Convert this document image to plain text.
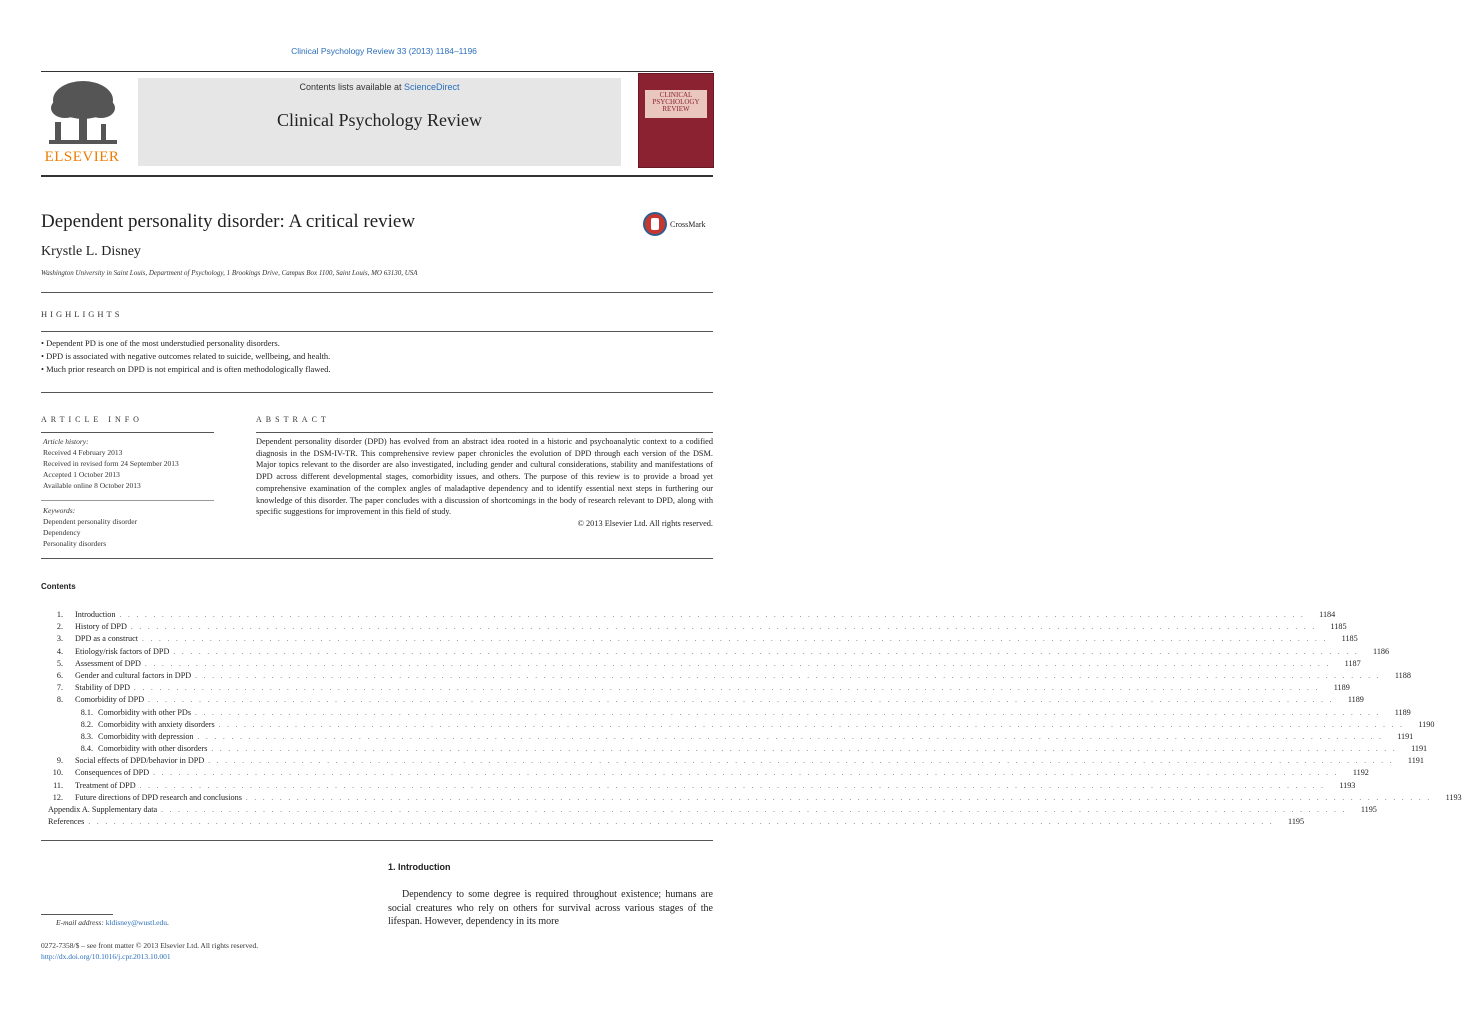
Clinical Psychology Review 33 (2013) 1184–1196
ELSEVIER
Contents lists available at ScienceDirect
Clinical Psychology Review
CLINICAL PSYCHOLOGY REVIEW
Dependent personality disorder: A critical review	CrossMark
Krystle L. Disney
Washington University in Saint Louis, Department of Psychology, 1 Brookings Drive, Campus Box 1100, Saint Louis, MO 63130, USA
HIGHLIGHTS
• Dependent PD is one of the most understudied personality disorders.
• DPD is associated with negative outcomes related to suicide, wellbeing, and health.
• Much prior research on DPD is not empirical and is often methodologically flawed.
ARTICLE INFO
Article history:
Received 4 February 2013
Received in revised form 24 September 2013
Accepted 1 October 2013
Available online 8 October 2013
Keywords:
Dependent personality disorder
Dependency
Personality disorders
ABSTRACT
Dependent personality disorder (DPD) has evolved from an abstract idea rooted in a historic and psychoanalytic context to a codified diagnosis in the DSM-IV-TR. This comprehensive review paper chronicles the evolution of DPD through each version of the DSM. Major topics relevant to the disorder are also investigated, including gender and cultural considerations, stability and manifestations of DPD across different developmental stages, comorbidity issues, and others. The purpose of this review is to provide a broad yet comprehensive examination of the complex angles of maladaptive dependency and to identify essential next steps in furthering our knowledge of this disorder. The paper concludes with a discussion of shortcomings in the body of research relevant to DPD, along with specific suggestions for improvement in this field of study.
© 2013 Elsevier Ltd. All rights reserved.
Contents
1.	Introduction . . . . . . . . . . . . . . . . . . . . . . . . . . . . . . . . . . . . . . . . . . . . . . . . . . . . . . . . . . . . . . . . . . . . . . . . . . . . . . . . . . . . . . . . . . . . . . . . . . . . . . . . . . . . . . . . . . . . . . . . . . . . . . . . . . . . . . . . . . . .	1184
2.	History of DPD . . . . . . . . . . . . . . . . . . . . . . . . . . . . . . . . . . . . . . . . . . . . . . . . . . . . . . . . . . . . . . . . . . . . . . . . . . . . . . . . . . . . . . . . . . . . . . . . . . . . . . . . . . . . . . . . . . . . . . . . . . . . . . . . . . . . . . . . . . . .	1185
3.	DPD as a construct . . . . . . . . . . . . . . . . . . . . . . . . . . . . . . . . . . . . . . . . . . . . . . . . . . . . . . . . . . . . . . . . . . . . . . . . . . . . . . . . . . . . . . . . . . . . . . . . . . . . . . . . . . . . . . . . . . . . . . . . . . . . . . . . . . . . . . . . . . . .	1185
4.	Etiology/risk factors of DPD . . . . . . . . . . . . . . . . . . . . . . . . . . . . . . . . . . . . . . . . . . . . . . . . . . . . . . . . . . . . . . . . . . . . . . . . . . . . . . . . . . . . . . . . . . . . . . . . . . . . . . . . . . . . . . . . . . . . . . . . . . . . . . . . . . . . . . . . . . . .	1186
5.	Assessment of DPD . . . . . . . . . . . . . . . . . . . . . . . . . . . . . . . . . . . . . . . . . . . . . . . . . . . . . . . . . . . . . . . . . . . . . . . . . . . . . . . . . . . . . . . . . . . . . . . . . . . . . . . . . . . . . . . . . . . . . . . . . . . . . . . . . . . . . . . . . . . .	1187
6.	Gender and cultural factors in DPD . . . . . . . . . . . . . . . . . . . . . . . . . . . . . . . . . . . . . . . . . . . . . . . . . . . . . . . . . . . . . . . . . . . . . . . . . . . . . . . . . . . . . . . . . . . . . . . . . . . . . . . . . . . . . . . . . . . . . . . . . . . . . . . . . . . . . . . . . . . .	1188
7.	Stability of DPD . . . . . . . . . . . . . . . . . . . . . . . . . . . . . . . . . . . . . . . . . . . . . . . . . . . . . . . . . . . . . . . . . . . . . . . . . . . . . . . . . . . . . . . . . . . . . . . . . . . . . . . . . . . . . . . . . . . . . . . . . . . . . . . . . . . . . . . . . . . .	1189
8.	Comorbidity of DPD . . . . . . . . . . . . . . . . . . . . . . . . . . . . . . . . . . . . . . . . . . . . . . . . . . . . . . . . . . . . . . . . . . . . . . . . . . . . . . . . . . . . . . . . . . . . . . . . . . . . . . . . . . . . . . . . . . . . . . . . . . . . . . . . . . . . . . . . . . . .	1189
8.1. Comorbidity with other PDs . . . . . . . . . . . . . . . . . . . . . . . . . . . . . . . . . . . . . . . . . . . . . . . . . . . . . . . . . . . . . . . . . . . . . . . . . . . . . . . . . . . . . . . . . . . . . . . . . . . . . . . . . . . . . . . . . . . . . . . . . . . . . . . . . . . . . . . . . . . .	1189
8.2. Comorbidity with anxiety disorders . . . . . . . . . . . . . . . . . . . . . . . . . . . . . . . . . . . . . . . . . . . . . . . . . . . . . . . . . . . . . . . . . . . . . . . . . . . . . . . . . . . . . . . . . . . . . . . . . . . . . . . . . . . . . . . . . . . . . . . . . . . . . . . . . . . . . . . . . . . .	1190
8.3. Comorbidity with depression . . . . . . . . . . . . . . . . . . . . . . . . . . . . . . . . . . . . . . . . . . . . . . . . . . . . . . . . . . . . . . . . . . . . . . . . . . . . . . . . . . . . . . . . . . . . . . . . . . . . . . . . . . . . . . . . . . . . . . . . . . . . . . . . . . . . . . . . . . . .	1191
8.4. Comorbidity with other disorders . . . . . . . . . . . . . . . . . . . . . . . . . . . . . . . . . . . . . . . . . . . . . . . . . . . . . . . . . . . . . . . . . . . . . . . . . . . . . . . . . . . . . . . . . . . . . . . . . . . . . . . . . . . . . . . . . . . . . . . . . . . . . . . . . . . . . . . . . . . .	1191
9.	Social effects of DPD/behavior in DPD . . . . . . . . . . . . . . . . . . . . . . . . . . . . . . . . . . . . . . . . . . . . . . . . . . . . . . . . . . . . . . . . . . . . . . . . . . . . . . . . . . . . . . . . . . . . . . . . . . . . . . . . . . . . . . . . . . . . . . . . . . . . . . . . . . . . . . . . . . . .	1191
10.	Consequences of DPD . . . . . . . . . . . . . . . . . . . . . . . . . . . . . . . . . . . . . . . . . . . . . . . . . . . . . . . . . . . . . . . . . . . . . . . . . . . . . . . . . . . . . . . . . . . . . . . . . . . . . . . . . . . . . . . . . . . . . . . . . . . . . . . . . . . . . . . . . . . .	1192
11.	Treatment of DPD . . . . . . . . . . . . . . . . . . . . . . . . . . . . . . . . . . . . . . . . . . . . . . . . . . . . . . . . . . . . . . . . . . . . . . . . . . . . . . . . . . . . . . . . . . . . . . . . . . . . . . . . . . . . . . . . . . . . . . . . . . . . . . . . . . . . . . . . . . . .	1193
12.	Future directions of DPD research and conclusions . . . . . . . . . . . . . . . . . . . . . . . . . . . . . . . . . . . . . . . . . . . . . . . . . . . . . . . . . . . . . . . . . . . . . . . . . . . . . . . . . . . . . . . . . . . . . . . . . . . . . . . . . . . . . . . . . . . . . . . . . . . . . . . . . . . . . . . . . . . .	1193
Appendix A. Supplementary data . . . . . . . . . . . . . . . . . . . . . . . . . . . . . . . . . . . . . . . . . . . . . . . . . . . . . . . . . . . . . . . . . . . . . . . . . . . . . . . . . . . . . . . . . . . . . . . . . . . . . . . . . . . . . . . . . . . . . . . . . . . . . . . . . . . . . . . . . . . .	1195
References . . . . . . . . . . . . . . . . . . . . . . . . . . . . . . . . . . . . . . . . . . . . . . . . . . . . . . . . . . . . . . . . . . . . . . . . . . . . . . . . . . . . . . . . . . . . . . . . . . . . . . . . . . . . . . . . . . . . . . . . . . . . . . . . . . . . . . . . . . . .	1195
1. Introduction
Dependency to some degree is required throughout existence; humans are social creatures who rely on others for survival across various stages of the lifespan. However, dependency in its more
E-mail address: kldisney@wustl.edu.
0272-7358/$ – see front matter © 2013 Elsevier Ltd. All rights reserved.
http://dx.doi.org/10.1016/j.cpr.2013.10.001
